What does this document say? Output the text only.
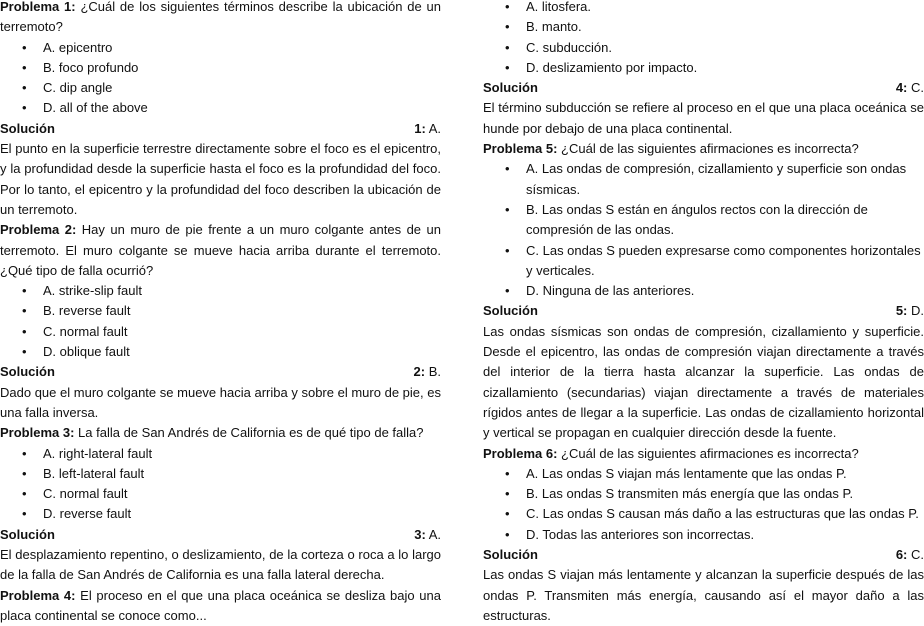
Problema 1: ¿Cuál de los siguientes términos describe la ubicación de un terremoto?

• A. epicentro
• B. foco profundo
• C. dip angle
• D. all of the above
Solución	1: A.

El punto en la superficie terrestre directamente sobre el foco es el epicentro, y la profundidad desde la superficie hasta el foco es la profundidad del foco. Por lo tanto, el epicentro y la profundidad del foco describen la ubicación de un terremoto.

Problema 2: Hay un muro de pie frente a un muro colgante antes de un terremoto. El muro colgante se mueve hacia arriba durante el terremoto. ¿Qué tipo de falla ocurrió?

• A. strike-slip fault
• B. reverse fault
• C. normal fault
• D. oblique fault
Solución	2: B.

Dado que el muro colgante se mueve hacia arriba y sobre el muro de pie, es una falla inversa.

Problema 3: La falla de San Andrés de California es de qué tipo de falla?

• A. right-lateral fault
• B. left-lateral fault
• C. normal fault
• D. reverse fault
Solución	3: A.

El desplazamiento repentino, o deslizamiento, de la corteza o roca a lo largo de la falla de San Andrés de California es una falla lateral derecha.

Problema 4: El proceso en el que una placa oceánica se desliza bajo una placa continental se conoce como...

• A. litosfera.
• B. manto.
• C. subducción.
• D. deslizamiento por impacto.
Solución	4: C.

El término subducción se refiere al proceso en el que una placa oceánica se hunde por debajo de una placa continental.

Problema 5: ¿Cuál de las siguientes afirmaciones es incorrecta?

• A. Las ondas de compresión, cizallamiento y superficie son ondas sísmicas.
• B. Las ondas S están en ángulos rectos con la dirección de compresión de las ondas.
• C. Las ondas S pueden expresarse como componentes horizontales y verticales.
• D. Ninguna de las anteriores.
Solución	5: D.

Las ondas sísmicas son ondas de compresión, cizallamiento y superficie. Desde el epicentro, las ondas de compresión viajan directamente a través del interior de la tierra hasta alcanzar la superficie. Las ondas de cizallamiento (secundarias) viajan directamente a través de materiales rígidos antes de llegar a la superficie. Las ondas de cizallamiento horizontal y vertical se propagan en cualquier dirección desde la fuente.

Problema 6: ¿Cuál de las siguientes afirmaciones es incorrecta?

• A. Las ondas S viajan más lentamente que las ondas P.
• B. Las ondas S transmiten más energía que las ondas P.
• C. Las ondas S causan más daño a las estructuras que las ondas P.
• D. Todas las anteriores son incorrectas.
Solución	6: C.

Las ondas S viajan más lentamente y alcanzan la superficie después de las ondas P. Transmiten más energía, causando así el mayor daño a las estructuras.
